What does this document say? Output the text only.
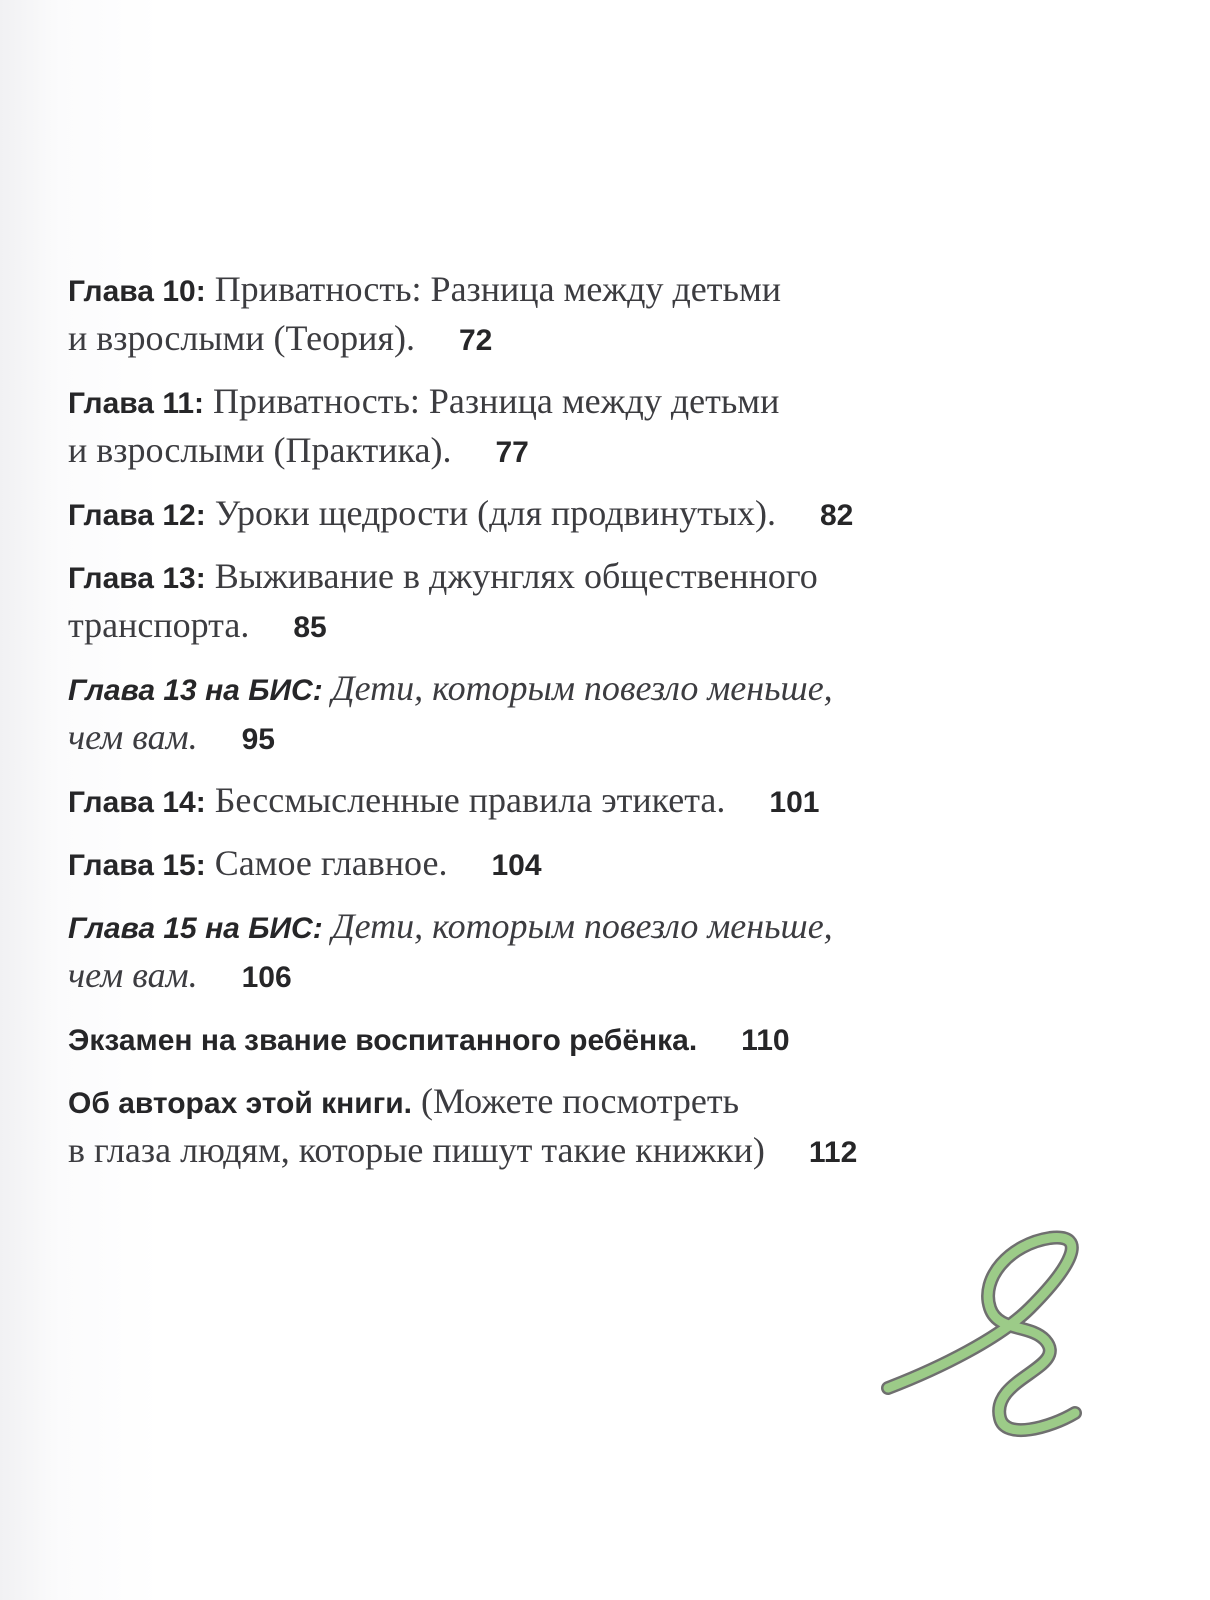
Глава 10: Приватность: Разница между детьми
и взрослыми (Теория). 72
Глава 11: Приватность: Разница между детьми
и взрослыми (Практика). 77
Глава 12: Уроки щедрости (для продвинутых). 82
Глава 13: Выживание в джунглях общественного
транспорта. 85
Глава 13 на БИС: Дети, которым повезло меньше,
чем вам. 95
Глава 14: Бессмысленные правила этикета. 101
Глава 15: Самое главное. 104
Глава 15 на БИС: Дети, которым повезло меньше,
чем вам. 106
Экзамен на звание воспитанного ребёнка. 110
Об авторах этой книги. (Можете посмотреть
в глаза людям, которые пишут такие книжки) 112
